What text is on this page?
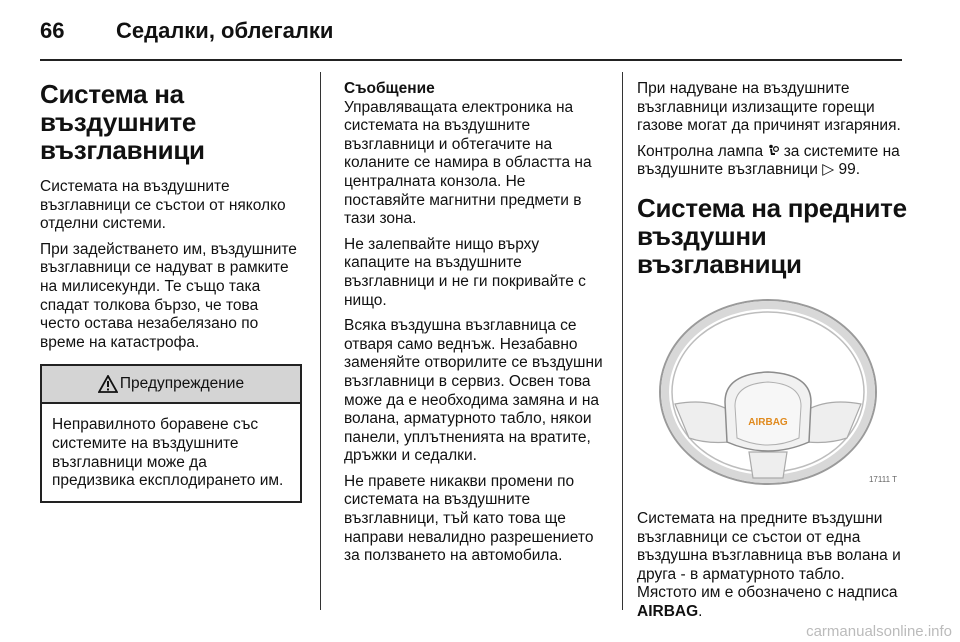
66 Седалки, облегалки
Система на въздушните възглавници

Системата на въздушните възглавници се състои от няколко отделни системи.

При задействането им, въздушните възглавници се надуват в рамките на милисекунди. Те също така спадат толкова бързо, че това често остава незабелязано по време на катастрофа.

Предупреждение
Неправилното боравене със системите на въздушните възглавници може да предизвика експлодирането им.
Съобщение

Управляващата електроника на системата на въздушните възглавници и обтегачите на коланите се намира в областта на централната конзола. Не поставяйте магнитни предмети в тази зона.

Не залепвайте нищо върху капаците на въздушните възглавници и не ги покривайте с нищо.

Всяка въздушна възглавница се отваря само веднъж. Незабавно заменяйте отворилите се въздушни възглавници в сервиз. Освен това може да е необходима замяна и на волана, арматурното табло, някои панели, уплътненията на вратите, дръжки и седалки.

Не правете никакви промени по системата на въздушните възглавници, тъй като това ще направи невалидно разрешението за ползването на автомобила.

При надуване на въздушните възглавници излизащите горещи газове могат да причинят изгаряния.

Контролна лампа за системите на въздушните възглавници ▷ 99.

Система на предните въздушни възглавници
AIRBAG
17111 T

Системата на предните въздушни възглавници се състои от една въздушна възглавница във волана и друга - в арматурното табло. Мястото им е обозначено с надписа AIRBAG.

carmanualsonline.info
